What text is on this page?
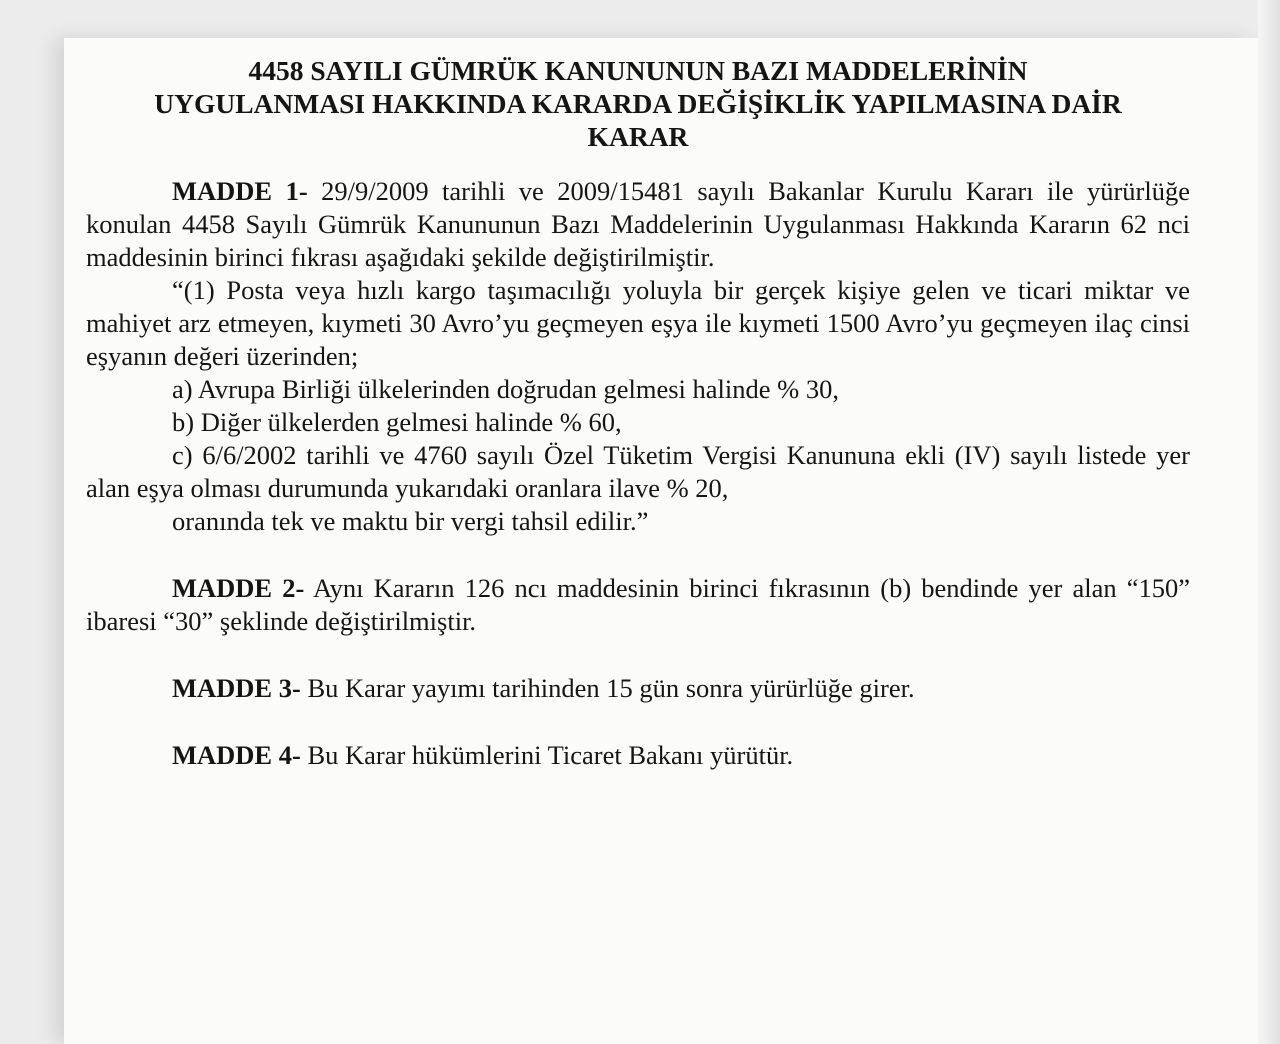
4458 SAYILI GÜMRÜK KANUNUNUN BAZI MADDELERİNİN
UYGULANMASI HAKKINDA KARARDA DEĞİŞİKLİK YAPILMASINA DAİR
KARAR

MADDE 1- 29/9/2009 tarihli ve 2009/15481 sayılı Bakanlar Kurulu Kararı ile yürürlüğe konulan 4458 Sayılı Gümrük Kanununun Bazı Maddelerinin Uygulanması Hakkında Kararın 62 nci maddesinin birinci fıkrası aşağıdaki şekilde değiştirilmiştir.

“(1) Posta veya hızlı kargo taşımacılığı yoluyla bir gerçek kişiye gelen ve ticari miktar ve mahiyet arz etmeyen, kıymeti 30 Avro’yu geçmeyen eşya ile kıymeti 1500 Avro’yu geçmeyen ilaç cinsi eşyanın değeri üzerinden;

a) Avrupa Birliği ülkelerinden doğrudan gelmesi halinde % 30,

b) Diğer ülkelerden gelmesi halinde % 60,

c) 6/6/2002 tarihli ve 4760 sayılı Özel Tüketim Vergisi Kanununa ekli (IV) sayılı listede yer alan eşya olması durumunda yukarıdaki oranlara ilave % 20,

oranında tek ve maktu bir vergi tahsil edilir.”

MADDE 2- Aynı Kararın 126 ncı maddesinin birinci fıkrasının (b) bendinde yer alan “150” ibaresi “30” şeklinde değiştirilmiştir.

MADDE 3- Bu Karar yayımı tarihinden 15 gün sonra yürürlüğe girer.

MADDE 4- Bu Karar hükümlerini Ticaret Bakanı yürütür.
